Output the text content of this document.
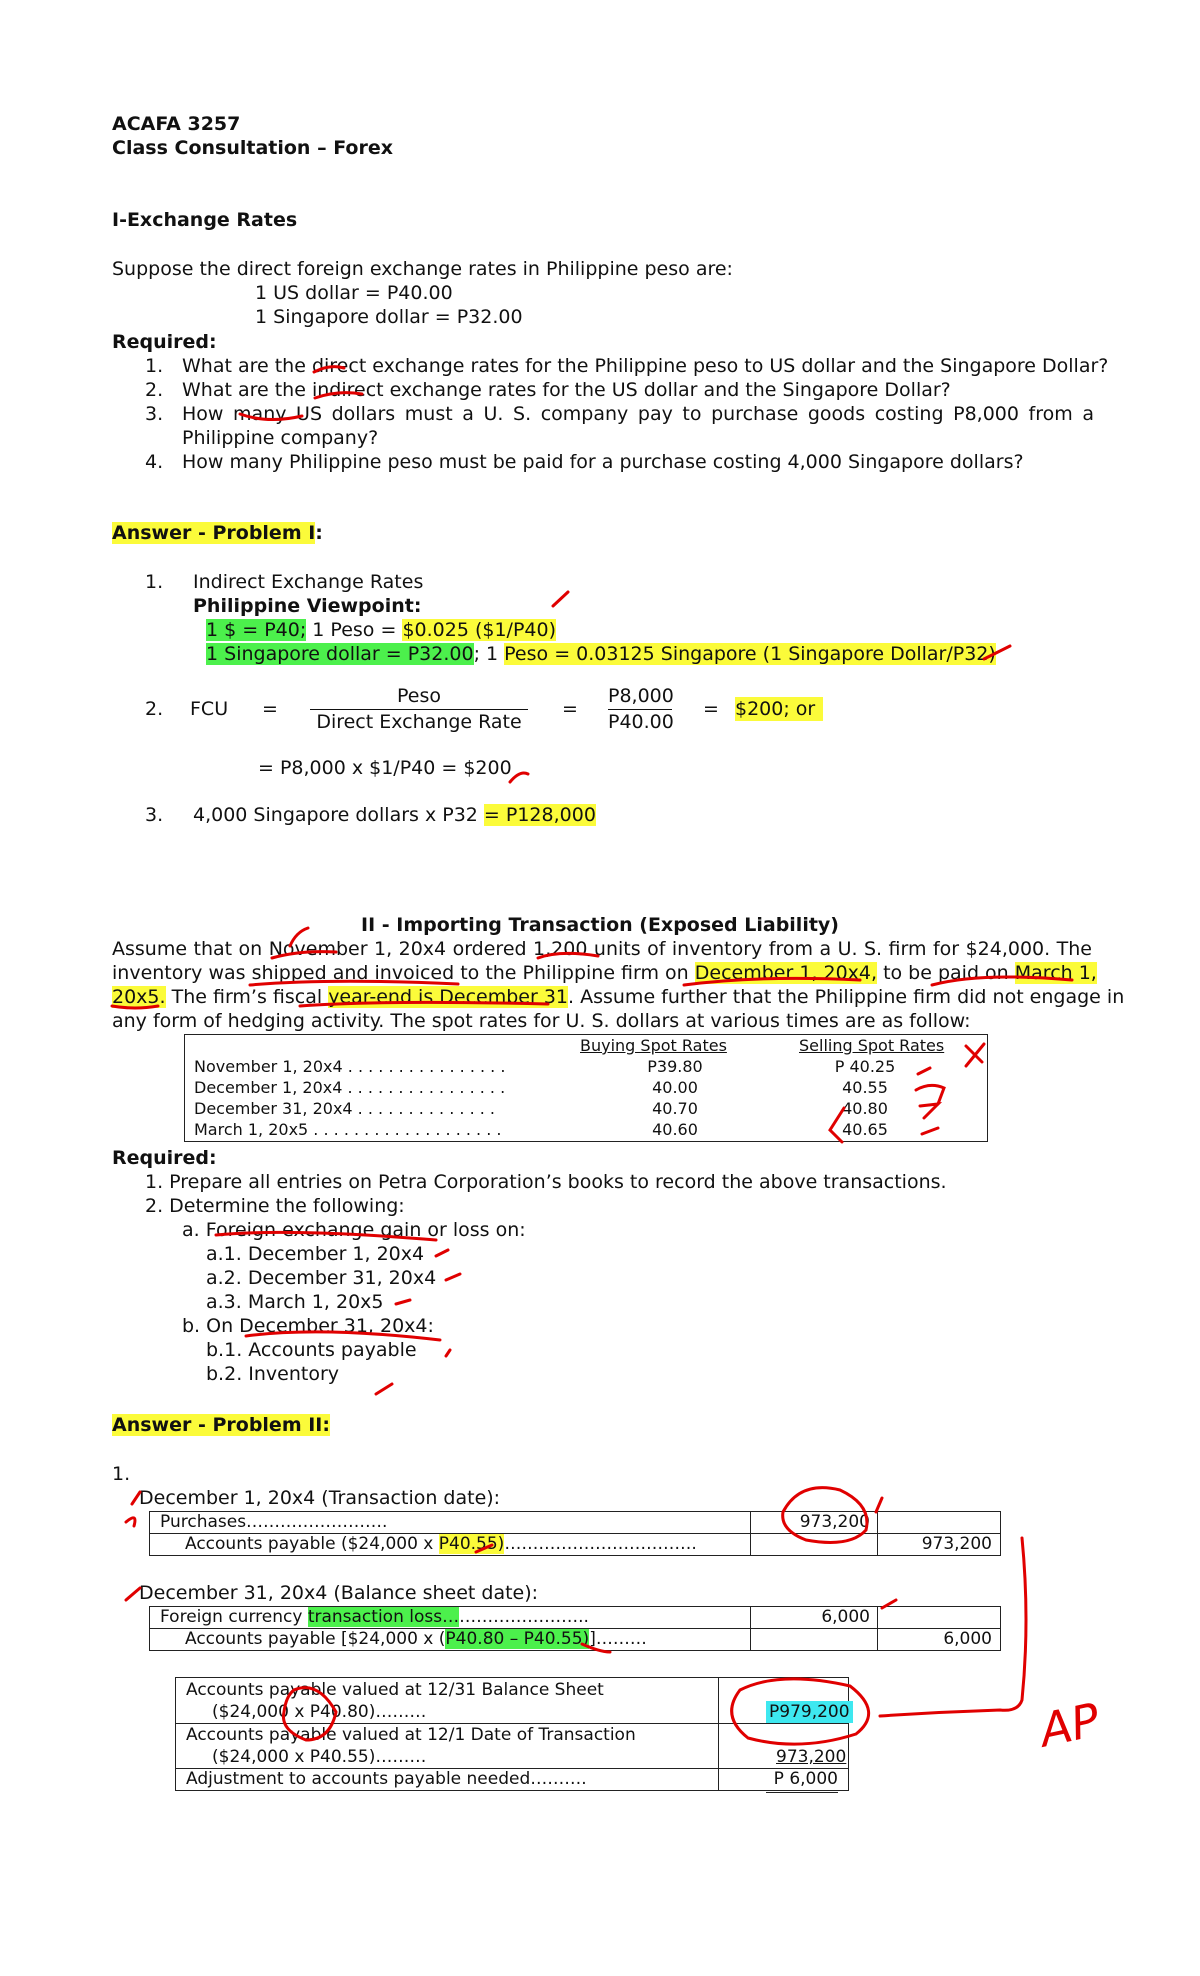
ACAFA 3257
Class Consultation – Forex
I-Exchange Rates
Suppose the direct foreign exchange rates in Philippine peso are:
1 US dollar = P40.00
1 Singapore dollar = P32.00
Required:
1. What are the direct exchange rates for the Philippine peso to US dollar and the Singapore Dollar?
2. What are the indirect exchange rates for the US dollar and the Singapore Dollar?
3. How many US dollars must a U. S. company pay to purchase goods costing P8,000 from a
Philippine company?
4. How many Philippine peso must be paid for a purchase costing 4,000 Singapore dollars?
Answer - Problem I:
1. Indirect Exchange Rates
Philippine Viewpoint:
1 $ = P40; 1 Peso = $0.025 ($1/P40)
1 Singapore dollar = P32.00; 1 Peso = 0.03125 Singapore (1 Singapore Dollar/P32)
2. FCU =
Peso
Direct Exchange Rate
=
P8,000
P40.00
= $200; or
= P8,000 x $1/P40 = $200
3. 4,000 Singapore dollars x P32 = P128,000
II - Importing Transaction (Exposed Liability)
Assume that on November 1, 20x4 ordered 1,200 units of inventory from a U. S. firm for $24,000. The
inventory was shipped and invoiced to the Philippine firm on December 1, 20x4, to be paid on March 1,
20x5. The firm’s fiscal year-end is December 31. Assume further that the Philippine firm did not engage in
any form of hedging activity. The spot rates for U. S. dollars at various times are as follow:
Buying Spot Rates	Selling Spot Rates
November 1, 20x4 . . . . . . . . . . . . . . . .	P39.80	P 40.25
December 1, 20x4 . . . . . . . . . . . . . . . .	40.00	40.55
December 31, 20x4 . . . . . . . . . . . . . .	40.70	40.80
March 1, 20x5 . . . . . . . . . . . . . . . . . . .	40.60	40.65
Required:
1. Prepare all entries on Petra Corporation’s books to record the above transactions.
2. Determine the following:
a. Foreign exchange gain or loss on:
a.1. December 1, 20x4
a.2. December 31, 20x4
a.3. March 1, 20x5
b. On December 31, 20x4:
b.1. Accounts payable
b.2. Inventory
Answer - Problem II:
1.
December 1, 20x4 (Transaction date):
Purchases…………………….	973,200
Accounts payable ($24,000 x P40.55)…………………………….	973,200
December 31, 20x4 (Balance sheet date):
Foreign currency transaction loss……………………..	6,000
Accounts payable [$24,000 x (P40.80 – P40.55)]………	6,000
Accounts payable valued at 12/31 Balance Sheet
($24,000 x P40.80)………	P979,200
Accounts payable valued at 12/1 Date of Transaction
($24,000 x P40.55)………	973,200
Adjustment to accounts payable needed……….	P 6,000
AP
